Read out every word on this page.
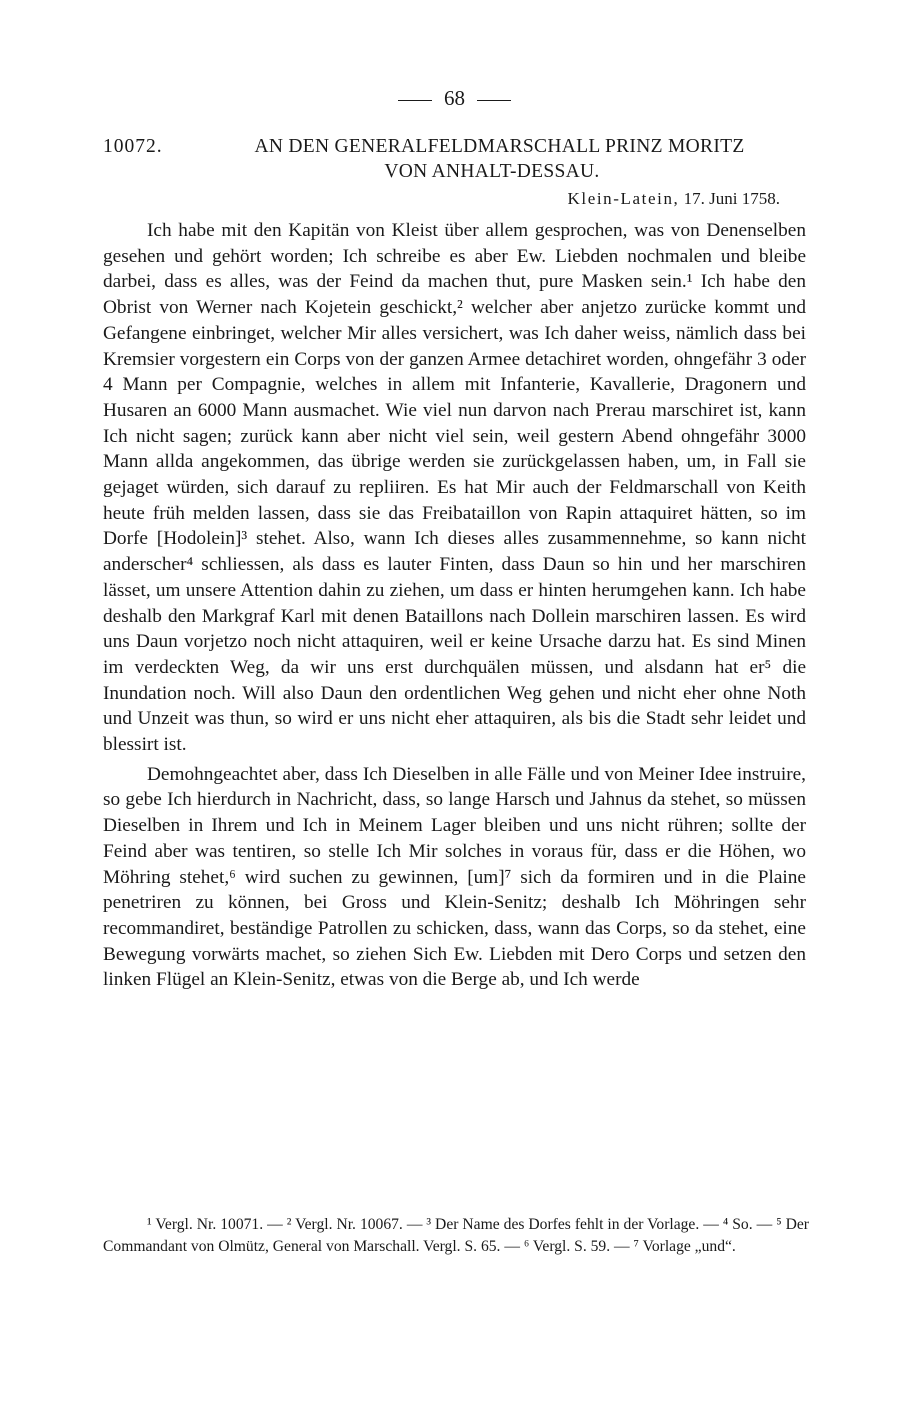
68
10072.	AN DEN GENERALFELDMARSCHALL PRINZ MORITZ
VON ANHALT-DESSAU.
Klein-Latein, 17. Juni 1758.

Ich habe mit den Kapitän von Kleist über allem gesprochen, was von Denenselben gesehen und gehört worden; Ich schreibe es aber Ew. Liebden nochmalen und bleibe darbei, dass es alles, was der Feind da machen thut, pure Masken sein.¹ Ich habe den Obrist von Werner nach Kojetein geschickt,² welcher aber anjetzo zurücke kommt und Gefangene einbringet, welcher Mir alles versichert, was Ich daher weiss, nämlich dass bei Kremsier vorgestern ein Corps von der ganzen Armee detachiret worden, ohngefähr 3 oder 4 Mann per Compagnie, welches in allem mit Infanterie, Kavallerie, Dragonern und Husaren an 6000 Mann ausmachet. Wie viel nun darvon nach Prerau marschiret ist, kann Ich nicht sagen; zurück kann aber nicht viel sein, weil gestern Abend ohngefähr 3000 Mann allda angekommen, das übrige werden sie zurückgelassen haben, um, in Fall sie gejaget würden, sich darauf zu repliiren. Es hat Mir auch der Feldmarschall von Keith heute früh melden lassen, dass sie das Freibataillon von Rapin attaquiret hätten, so im Dorfe [Hodolein]³ stehet. Also, wann Ich dieses alles zusammennehme, so kann nicht anderscher⁴ schliessen, als dass es lauter Finten, dass Daun so hin und her marschiren lässet, um unsere Attention dahin zu ziehen, um dass er hinten herumgehen kann. Ich habe deshalb den Markgraf Karl mit denen Bataillons nach Dollein marschiren lassen. Es wird uns Daun vorjetzo noch nicht attaquiren, weil er keine Ursache darzu hat. Es sind Minen im verdeckten Weg, da wir uns erst durchquälen müssen, und alsdann hat er⁵ die Inundation noch. Will also Daun den ordentlichen Weg gehen und nicht eher ohne Noth und Unzeit was thun, so wird er uns nicht eher attaquiren, als bis die Stadt sehr leidet und blessirt ist.

Demohngeachtet aber, dass Ich Dieselben in alle Fälle und von Meiner Idee instruire, so gebe Ich hierdurch in Nachricht, dass, so lange Harsch und Jahnus da stehet, so müssen Dieselben in Ihrem und Ich in Meinem Lager bleiben und uns nicht rühren; sollte der Feind aber was tentiren, so stelle Ich Mir solches in voraus für, dass er die Höhen, wo Möhring stehet,⁶ wird suchen zu gewinnen, [um]⁷ sich da formiren und in die Plaine penetriren zu können, bei Gross und Klein-Senitz; deshalb Ich Möhringen sehr recommandiret, beständige Patrollen zu schicken, dass, wann das Corps, so da stehet, eine Bewegung vorwärts machet, so ziehen Sich Ew. Liebden mit Dero Corps und setzen den linken Flügel an Klein-Senitz, etwas von die Berge ab, und Ich werde

¹ Vergl. Nr. 10071. — ² Vergl. Nr. 10067. — ³ Der Name des Dorfes fehlt in der Vorlage. — ⁴ So. — ⁵ Der Commandant von Olmütz, General von Marschall. Vergl. S. 65. — ⁶ Vergl. S. 59. — ⁷ Vorlage „und“.
